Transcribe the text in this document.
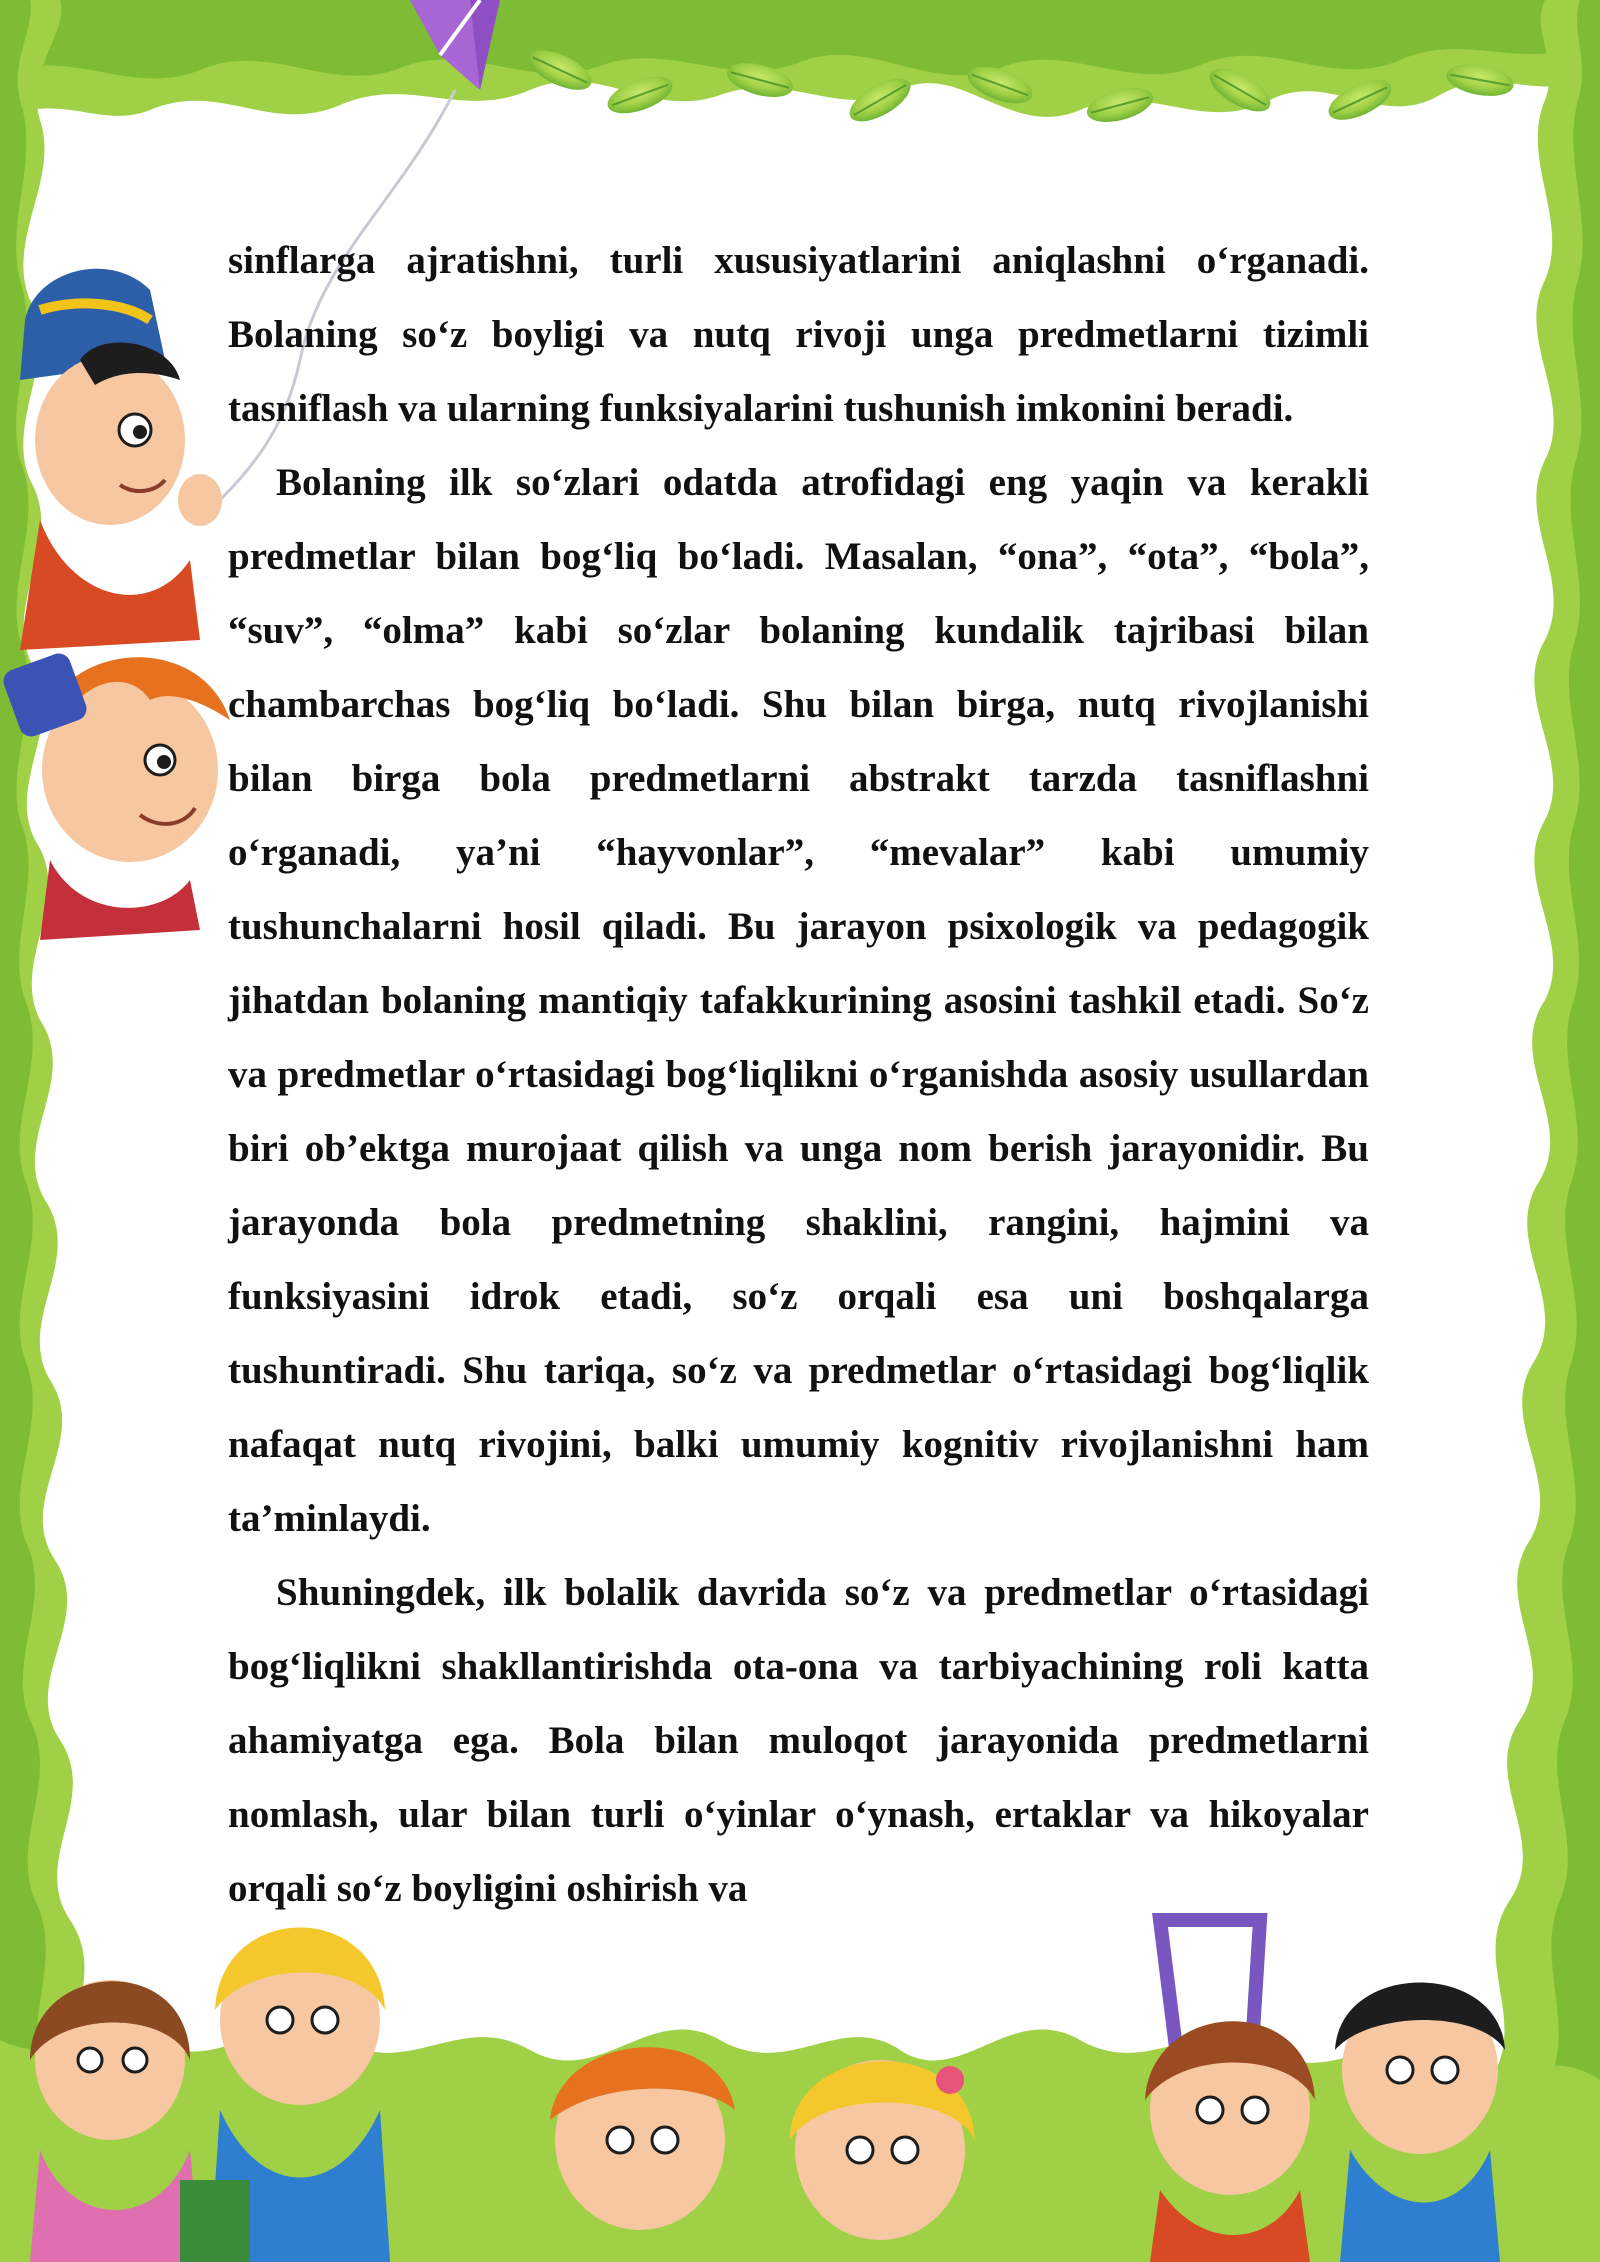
sinflarga ajratishni, turli xususiyatlarini aniqlashni o‘rganadi. Bolaning so‘z boyligi va nutq rivoji unga predmetlarni tizimli tasniflash va ularning funksiyalarini tushunish imkonini beradi.

Bolaning ilk so‘zlari odatda atrofidagi eng yaqin va kerakli predmetlar bilan bog‘liq bo‘ladi. Masalan, “ona”, “ota”, “bola”, “suv”, “olma” kabi so‘zlar bolaning kundalik tajribasi bilan chambarchas bog‘liq bo‘ladi. Shu bilan birga, nutq rivojlanishi bilan birga bola predmetlarni abstrakt tarzda tasniflashni o‘rganadi, ya’ni “hayvonlar”, “mevalar” kabi umumiy tushunchalarni hosil qiladi. Bu jarayon psixologik va pedagogik jihatdan bolaning mantiqiy tafakkurining asosini tashkil etadi. So‘z va predmetlar o‘rtasidagi bog‘liqlikni o‘rganishda asosiy usullardan biri ob’ektga murojaat qilish va unga nom berish jarayonidir. Bu jarayonda bola predmetning shaklini, rangini, hajmini va funksiyasini idrok etadi, so‘z orqali esa uni boshqalarga tushuntiradi. Shu tariqa, so‘z va predmetlar o‘rtasidagi bog‘liqlik nafaqat nutq rivojini, balki umumiy kognitiv rivojlanishni ham ta’minlaydi.

Shuningdek, ilk bolalik davrida so‘z va predmetlar o‘rtasidagi bog‘liqlikni shakllantirishda ota-ona va tarbiyachining roli katta ahamiyatga ega. Bola bilan muloqot jarayonida predmetlarni nomlash, ular bilan turli o‘yinlar o‘ynash, ertaklar va hikoyalar orqali so‘z boyligini oshirish va
